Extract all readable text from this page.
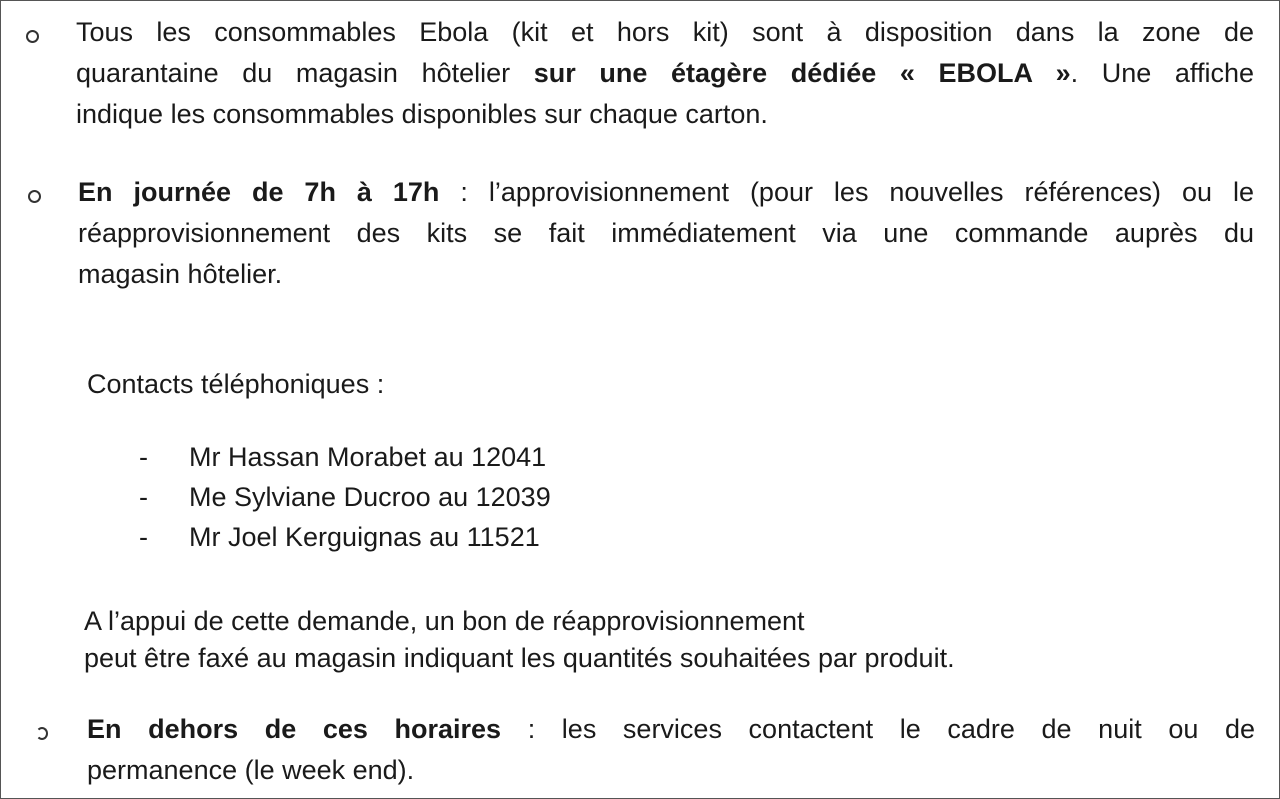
Tous les consommables Ebola (kit et hors kit) sont à disposition dans la zone de
quarantaine du magasin hôtelier sur une étagère dédiée « EBOLA ». Une affiche
indique les consommables disponibles sur chaque carton.
En journée de 7h à 17h : l’approvisionnement (pour les nouvelles références) ou le
réapprovisionnement des kits se fait immédiatement via une commande auprès du
magasin hôtelier.
Contacts téléphoniques :
- Mr Hassan Morabet au 12041
- Me Sylviane Ducroo au 12039
- Mr Joel Kerguignas au 11521
A l’appui de cette demande, un bon de réapprovisionnement
peut être faxé au magasin indiquant les quantités souhaitées par produit.
En dehors de ces horaires : les services contactent le cadre de nuit ou de
permanence (le week end).
